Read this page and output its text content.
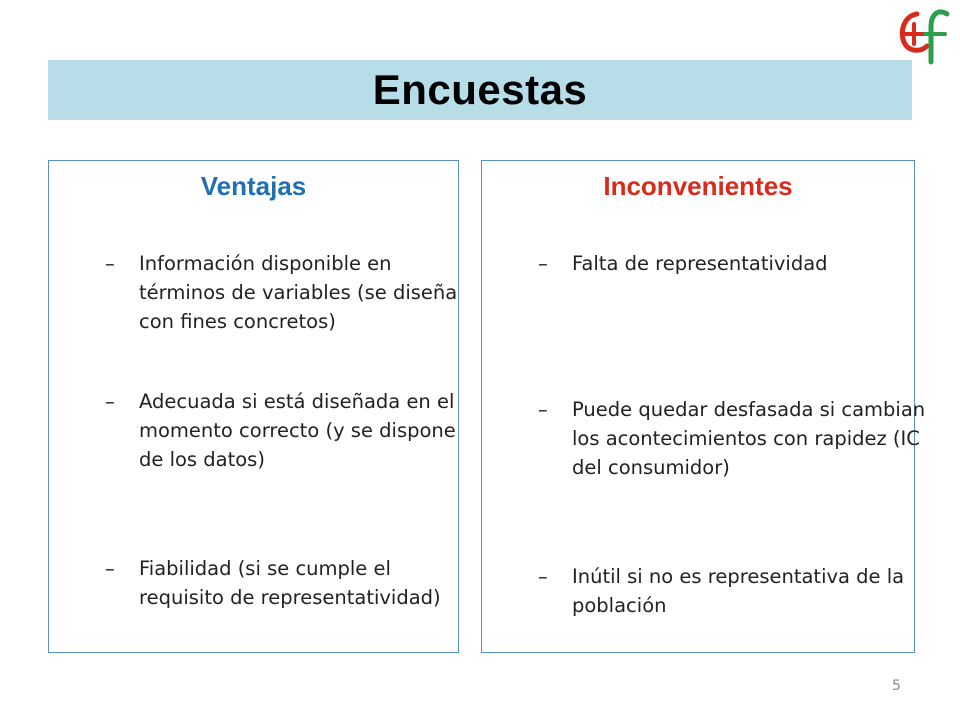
Encuestas
Ventajas
– Información disponible en términos de variables (se diseña con fines concretos)
– Adecuada si está diseñada en el momento correcto (y se dispone de los datos)
– Fiabilidad (si se cumple el requisito de representatividad)
Inconvenientes
– Falta de representatividad
– Puede quedar desfasada si cambian los acontecimientos con rapidez (IC del consumidor)
– Inútil si no es representativa de la población
5
